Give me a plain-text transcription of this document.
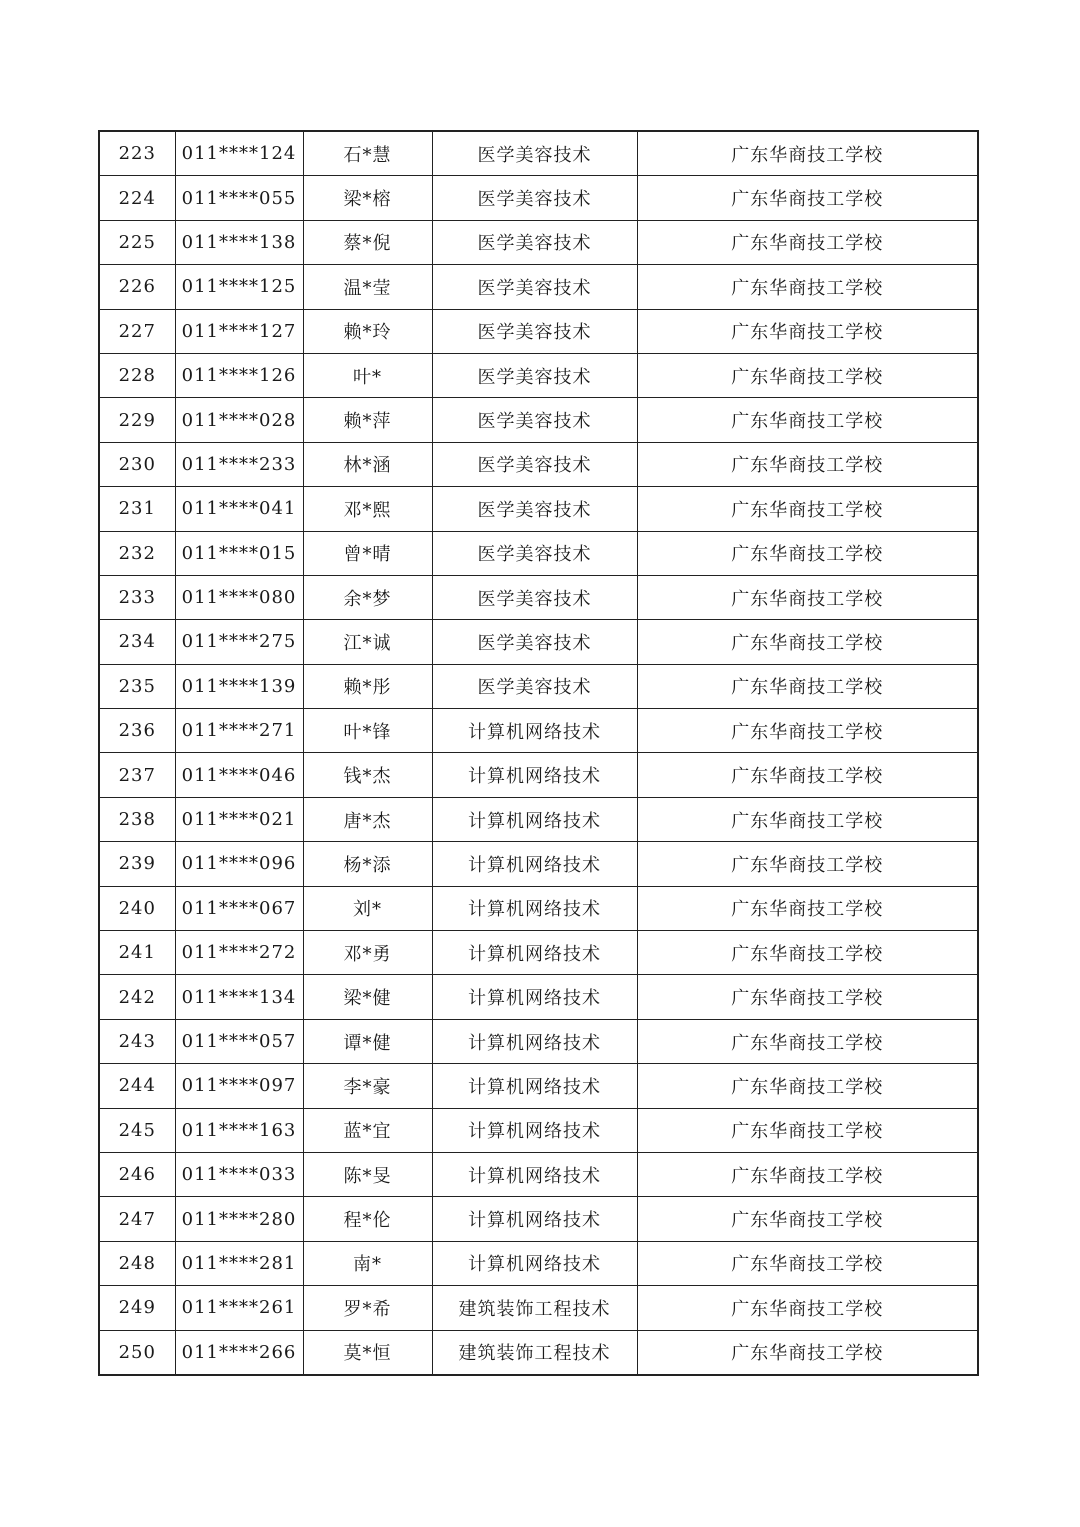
223	011****124	石*慧	医学美容技术	广东华商技工学校
224	011****055	梁*榕	医学美容技术	广东华商技工学校
225	011****138	蔡*倪	医学美容技术	广东华商技工学校
226	011****125	温*莹	医学美容技术	广东华商技工学校
227	011****127	赖*玲	医学美容技术	广东华商技工学校
228	011****126	叶*	医学美容技术	广东华商技工学校
229	011****028	赖*萍	医学美容技术	广东华商技工学校
230	011****233	林*涵	医学美容技术	广东华商技工学校
231	011****041	邓*熙	医学美容技术	广东华商技工学校
232	011****015	曾*晴	医学美容技术	广东华商技工学校
233	011****080	余*梦	医学美容技术	广东华商技工学校
234	011****275	江*诚	医学美容技术	广东华商技工学校
235	011****139	赖*彤	医学美容技术	广东华商技工学校
236	011****271	叶*锋	计算机网络技术	广东华商技工学校
237	011****046	钱*杰	计算机网络技术	广东华商技工学校
238	011****021	唐*杰	计算机网络技术	广东华商技工学校
239	011****096	杨*添	计算机网络技术	广东华商技工学校
240	011****067	刘*	计算机网络技术	广东华商技工学校
241	011****272	邓*勇	计算机网络技术	广东华商技工学校
242	011****134	梁*健	计算机网络技术	广东华商技工学校
243	011****057	谭*健	计算机网络技术	广东华商技工学校
244	011****097	李*豪	计算机网络技术	广东华商技工学校
245	011****163	蓝*宜	计算机网络技术	广东华商技工学校
246	011****033	陈*旻	计算机网络技术	广东华商技工学校
247	011****280	程*伦	计算机网络技术	广东华商技工学校
248	011****281	南*	计算机网络技术	广东华商技工学校
249	011****261	罗*希	建筑装饰工程技术	广东华商技工学校
250	011****266	莫*恒	建筑装饰工程技术	广东华商技工学校
